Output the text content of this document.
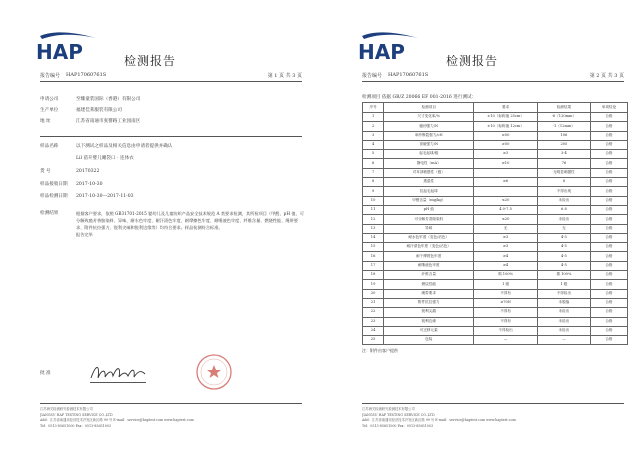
HAP	检测报告
报告编号 HAP17060761S	第 1 页 共 3 页
申请公司	至臻童装国际（香港）有限公司
生产单位	福建佳莱服装有限公司
地 址	江苏省南通市张謇路工业园南区
样品名称	以下测试之样品及相关信息由申请者提供并确认
Lil 蓓开婴儿睡袋口 · 连体衣
货 号	20170322
样品接收日期	2017-10-30
样品检测日期	2017-10-30—2017-11-03
检测结果	根据客户要求，依照 GB31701-2015 婴幼儿及儿童纺织产品安全技术规范 A 类要求检测，其所检项目（甲醛、pH 值、可分解致癌芳香胺染料、异味、耐水色牢度、耐汗渍色牢度、耐摩擦色牢度、耐唾液色牢度、纤维含量、燃烧性能、绳带要求、附件抗拉强力、锐利尖端和锐利边缘等）均符合要求。样品检测符合标准。
报告完毕
批 准
江苏海关检测研究检测技术有限公司
JIANGSU HAP TESTING SERVICE CO.,LTD
Add：江苏省南通市经济技术开发区新区路 99 号 E-mail：service@haptest.com www.haptest.com
Tel：0513-85651000 Fax：0513-85651003
HAP	检测报告
报告编号 HAP17060761S	第 2 页 共 3 页
检测项目 依据 GB/Z 20066 EF 001-2016 进行测试：
序号	检测项目	要求	检测结果	单项结论
1	尺寸变化率/%	±10（标称值 25cm）	-6（120mm）	合格
2	缝纫强力/N	±10（标称值 12cm）	-1（12mm）	合格
3	单纱断裂强力/cN	≥50	106	合格
4	顶破强力/N	≥50	205	合格
5	起毛起球/级	≥3	3-4	合格
6	静电性（mA）	≥10	76	合格
7	对耳部敏感性（级）		无明显刺激性	合格
8	透湿性	≥6	8	合格
9	抗起毛起球		不得出现	合格
10	甲醛含量（mg/kg）	≤20	未检出	合格
11	pH 值	4.0-7.5	6.8	合格
12	可分解芳香胺染料	≤20	未检出	合格
13	异味	无	无	合格
14	耐水色牢度（变色/沾色）	≥3	4-5	合格
15	耐汗渍色牢度（变色/沾色）	≥3	4-5	合格
16	耐干摩擦色牢度	≥4	4-5	合格
17	耐唾液色牢度	≥4	4-5	合格
18	纤维含量	棉 100%	棉 100%	合格
19	燃烧性能	1 级	1 级	合格
20	绳带要求	不得有	不得检出	合格
21	附件抗拉强力	≥70N	未脱落	合格
22	锐利尖端	不得有	未检出	合格
23	锐利边缘	不得有	未检出	合格
24	可迁移元素	不得检出	未检出	合格
25	包装	—	—	合格
注：附件由客户提供
江苏海关检测研究检测技术有限公司
JIANGSU HAP TESTING SERVICE CO.,LTD
Add：江苏省南通市经济技术开发区新区路 99 号 E-mail：service@haptest.com www.haptest.com
Tel：0513-85651000 Fax：0513-85651003
